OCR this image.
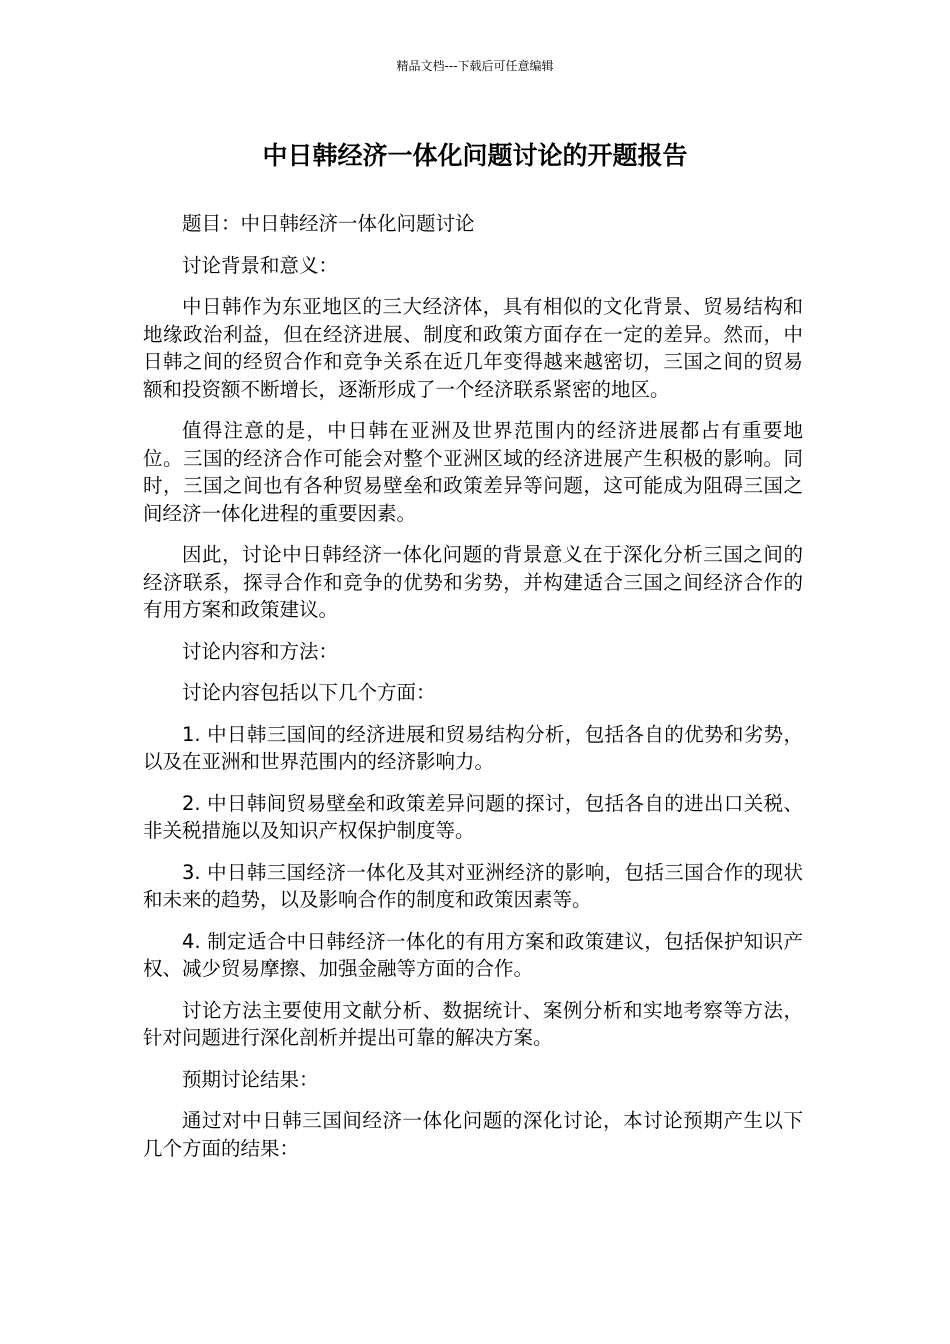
精品文档---下载后可任意编辑
中日韩经济一体化问题讨论的开题报告

题目：中日韩经济一体化问题讨论

讨论背景和意义：

中日韩作为东亚地区的三大经济体，具有相似的文化背景、贸易结构和地缘政治利益，但在经济进展、制度和政策方面存在一定的差异。然而，中日韩之间的经贸合作和竞争关系在近几年变得越来越密切，三国之间的贸易额和投资额不断增长，逐渐形成了一个经济联系紧密的地区。

值得注意的是，中日韩在亚洲及世界范围内的经济进展都占有重要地位。三国的经济合作可能会对整个亚洲区域的经济进展产生积极的影响。同时，三国之间也有各种贸易壁垒和政策差异等问题，这可能成为阻碍三国之间经济一体化进程的重要因素。

因此，讨论中日韩经济一体化问题的背景意义在于深化分析三国之间的经济联系，探寻合作和竞争的优势和劣势，并构建适合三国之间经济合作的有用方案和政策建议。

讨论内容和方法：

讨论内容包括以下几个方面：

1. 中日韩三国间的经济进展和贸易结构分析，包括各自的优势和劣势，以及在亚洲和世界范围内的经济影响力。

2. 中日韩间贸易壁垒和政策差异问题的探讨，包括各自的进出口关税、非关税措施以及知识产权保护制度等。

3. 中日韩三国经济一体化及其对亚洲经济的影响，包括三国合作的现状和未来的趋势，以及影响合作的制度和政策因素等。

4. 制定适合中日韩经济一体化的有用方案和政策建议，包括保护知识产权、减少贸易摩擦、加强金融等方面的合作。

讨论方法主要使用文献分析、数据统计、案例分析和实地考察等方法，针对问题进行深化剖析并提出可靠的解决方案。

预期讨论结果：

通过对中日韩三国间经济一体化问题的深化讨论，本讨论预期产生以下几个方面的结果：
